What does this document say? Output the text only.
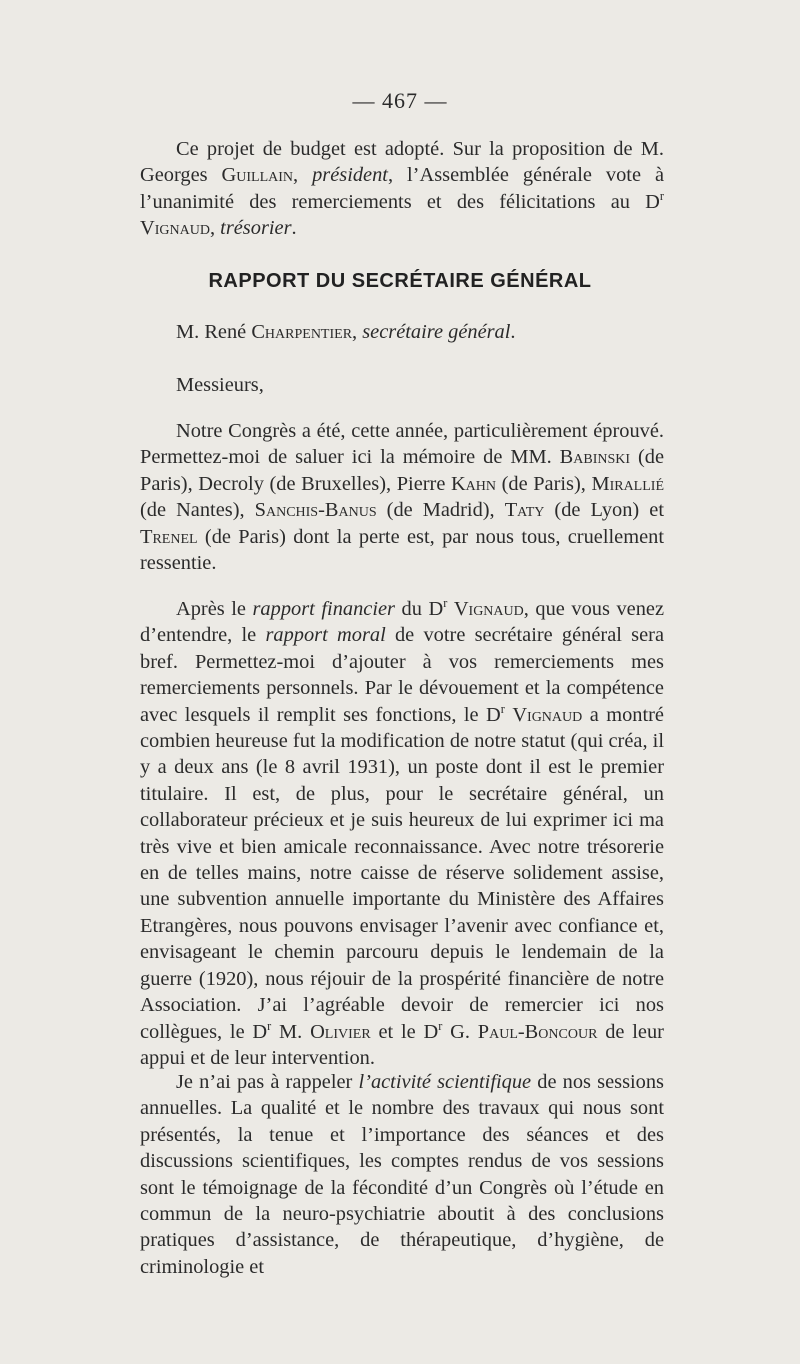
— 467 —

Ce projet de budget est adopté. Sur la proposition de M. Georges Guillain, président, l’Assemblée générale vote à l’unanimité des remerciements et des félicitations au $D^r$ Vignaud, trésorier.

RAPPORT DU SECRÉTAIRE GÉNÉRAL

M. René Charpentier, secrétaire général.

Messieurs,

Notre Congrès a été, cette année, particulièrement éprouvé. Permettez-moi de saluer ici la mémoire de MM. Babinski (de Paris), Decroly (de Bruxelles), Pierre Kahn (de Paris), Mirallié (de Nantes), Sanchis-Banus (de Madrid), Taty (de Lyon) et Trenel (de Paris) dont la perte est, par nous tous, cruellement ressentie.

Après le rapport financier du $D^r$ Vignaud, que vous venez d’entendre, le rapport moral de votre secrétaire général sera bref. Permettez-moi d’ajouter à vos remerciements mes remerciements personnels. Par le dévouement et la compétence avec lesquels il remplit ses fonctions, le $D^r$ Vignaud a montré combien heureuse fut la modification de notre statut (qui créa, il y a deux ans (le 8 avril 1931), un poste dont il est le premier titulaire. Il est, de plus, pour le secrétaire général, un collaborateur précieux et je suis heureux de lui exprimer ici ma très vive et bien amicale reconnaissance. Avec notre trésorerie en de telles mains, notre caisse de réserve solidement assise, une subvention annuelle importante du Ministère des Affaires Etrangères, nous pouvons envisager l’avenir avec confiance et, envisageant le chemin parcouru depuis le lendemain de la guerre (1920), nous réjouir de la prospérité financière de notre Association. J’ai l’agréable devoir de remercier ici nos collègues, le $D^r$ M. Olivier et le $D^r$ G. Paul-Boncour de leur appui et de leur intervention.

Je n’ai pas à rappeler l’activité scientifique de nos sessions annuelles. La qualité et le nombre des travaux qui nous sont présentés, la tenue et l’importance des séances et des discussions scientifiques, les comptes rendus de vos sessions sont le témoignage de la fécondité d’un Congrès où l’étude en commun de la neuro-psychiatrie aboutit à des conclusions pratiques d’assistance, de thérapeutique, d’hygiène, de criminologie et
